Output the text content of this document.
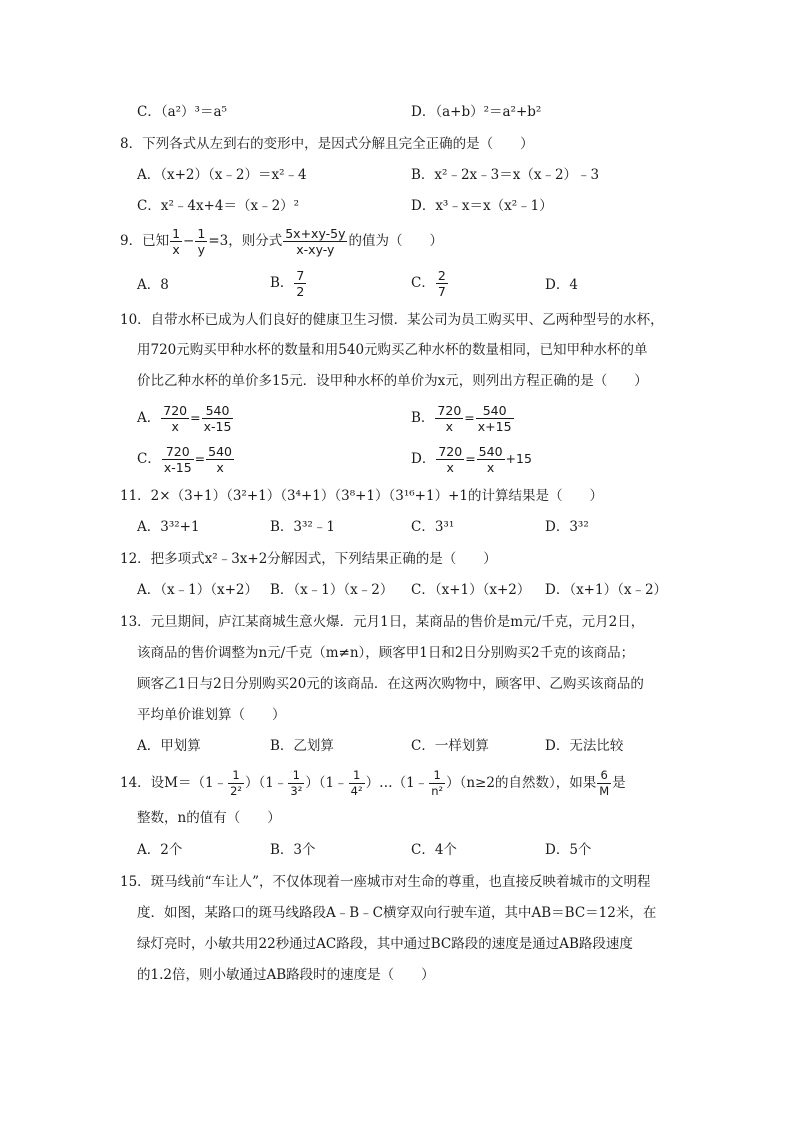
C．（a²）³＝a⁵	D．（a+b）²＝a²+b²
8．下列各式从左到右的变形中，是因式分解且完全正确的是（　　）
A．（x+2）（x﹣2）＝x²﹣4	B．x²﹣2x﹣3＝x（x﹣2）﹣3
C．x²﹣4x+4＝（x﹣2）²	D．x³﹣x＝x（x²﹣1）
9．已知 $\frac{1}{x} - \frac{1}{y} =3$，则分式 $\frac{5x+xy-5y}{x-xy-y}$ 的值为（　　）
A．8	B． $\frac{7}{2}$	C． $\frac{2}{7}$	D．4
10．自带水杯已成为人们良好的健康卫生习惯．某公司为员工购买甲、乙两种型号的水杯，
用720元购买甲种水杯的数量和用540元购买乙种水杯的数量相同，已知甲种水杯的单
价比乙种水杯的单价多15元．设甲种水杯的单价为x元，则列出方程正确的是（　　）
A． $\frac{720}{x} = \frac{540}{x-15}$	B． $\frac{720}{x} = \frac{540}{x+15}$
C． $\frac{720}{x-15} = \frac{540}{x}$	D． $\frac{720}{x} = \frac{540}{x} +15$
11．2×（3+1）（3²+1）（3⁴+1）（3⁸+1）（3¹⁶+1）+1的计算结果是（　　）
A．3³²+1	B．3³²﹣1	C．3³¹	D．3³²
12．把多项式x²﹣3x+2分解因式，下列结果正确的是（　　）
A．（x﹣1）（x+2） B．（x﹣1）（x﹣2） C．（x+1）（x+2） D．（x+1）（x﹣2）
13．元旦期间，庐江某商城生意火爆．元月1日，某商品的售价是m元/千克，元月2日，
该商品的售价调整为n元/千克（m≠n），顾客甲1日和2日分别购买2千克的该商品；
顾客乙1日与2日分别购买20元的该商品．在这两次购物中，顾客甲、乙购买该商品的
平均单价谁划算（　　）
A．甲划算	B．乙划算	C．一样划算	D．无法比较
14．设M＝（1﹣ $\frac{1}{\text{2²}}$ ）（1﹣ $\frac{1}{\text{3²}}$ ）（1﹣ $\frac{1}{\text{4²}}$ ）…（1﹣ $\frac{1}{\text{n²}} )(n\ge 2$的自然数），如果 $\frac{6}{M}$ 是
整数，n的值有（　　）
A．2个	B．3个	C．4个	D．5个
15．斑马线前“车让人”，不仅体现着一座城市对生命的尊重，也直接反映着城市的文明程
度．如图，某路口的斑马线路段A﹣B﹣C横穿双向行驶车道，其中AB＝BC＝12米，在
绿灯亮时，小敏共用22秒通过AC路段，其中通过BC路段的速度是通过AB路段速度
的1.2倍，则小敏通过AB路段时的速度是（　　）
